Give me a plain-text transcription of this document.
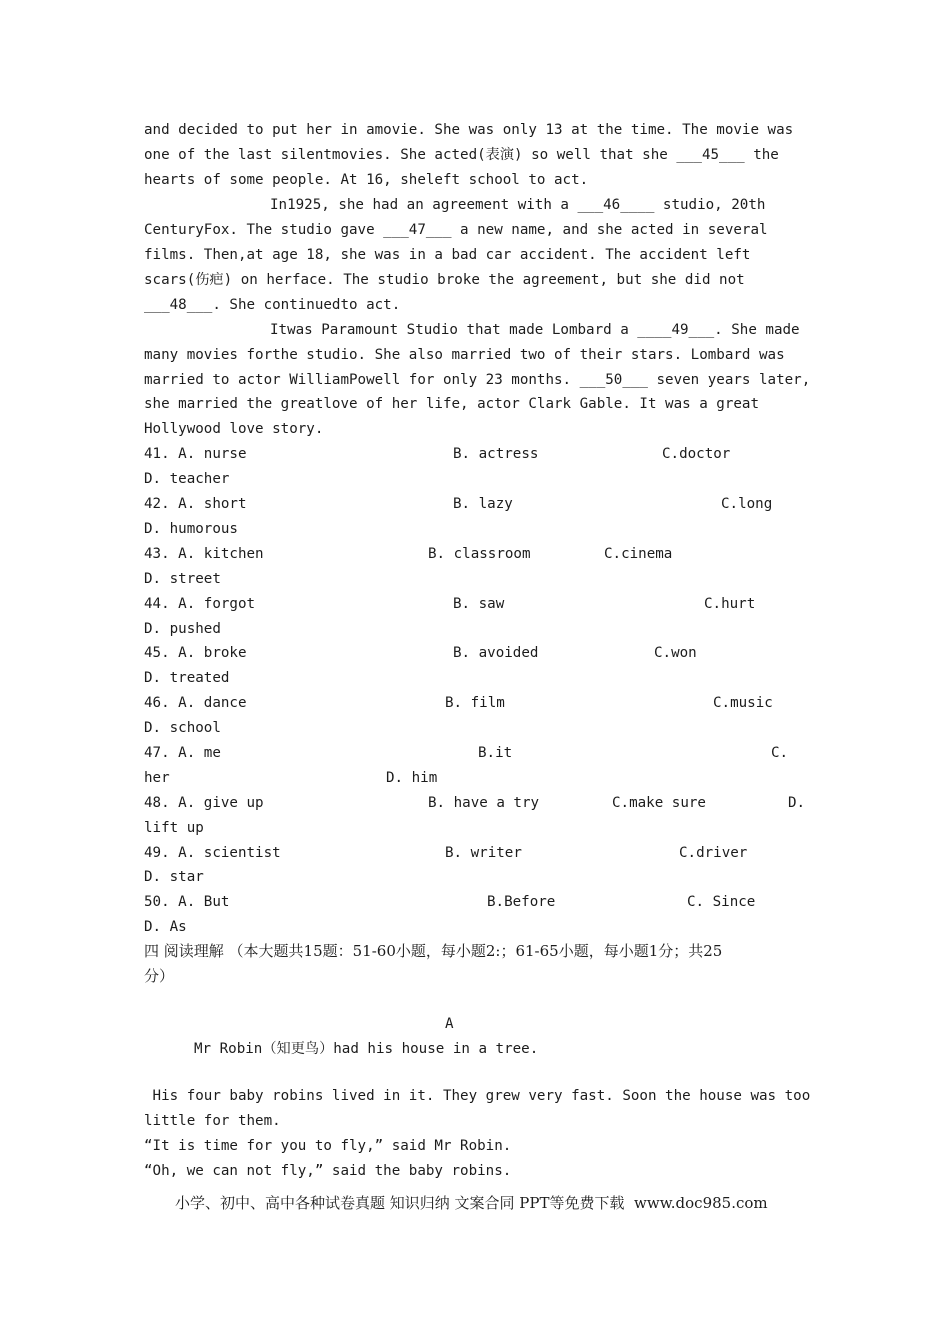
and decided to put her in amovie. She was only 13 at the time. The movie was
one of the last silentmovies. She acted(表演) so well that she ___45___ the
hearts of some people. At 16, sheleft school to act.
In1925, she had an agreement with a ___46____ studio, 20th
CenturyFox. The studio gave ___47___ a new name, and she acted in several
films. Then,at age 18, she was in a bad car accident. The accident left
scars(伤疤) on herface. The studio broke the agreement, but she did not
___48___. She continuedto act.
Itwas Paramount Studio that made Lombard a ____49___. She made
many movies forthe studio. She also married two of their stars. Lombard was
married to actor WilliamPowell for only 23 months. ___50___ seven years later,
she married the greatlove of her life, actor Clark Gable. It was a great
Hollywood love story.
41. A. nurse	B. actress	C.doctor
D. teacher
42. A. short	B. lazy	C.long
D. humorous
43. A. kitchen	B. classroom	C.cinema
D. street
44. A. forgot	B. saw	C.hurt
D. pushed
45. A. broke	B. avoided	C.won
D. treated
46. A. dance	B. film	C.music
D. school
47. A. me	B.it	C.
her	D. him
48. A. give up	B. have a try	C.make sure	D.
lift up
49. A. scientist	B. writer	C.driver
D. star
50. A. But	B.Before	C. Since
D. As
四 阅读理解 （本大题共15题：51-60小题，每小题2:；61-65小题，每小题1分；共25
分）
A
Mr Robin（知更鸟）had his house in a tree.
His four baby robins lived in it. They grew very fast. Soon the house was too
little for them.
“It is time for you to fly,” said Mr Robin.
“Oh, we can not fly,” said the baby robins.
小学、初中、高中各种试卷真题 知识归纳 文案合同 PPT等免费下载  www.doc985.com
